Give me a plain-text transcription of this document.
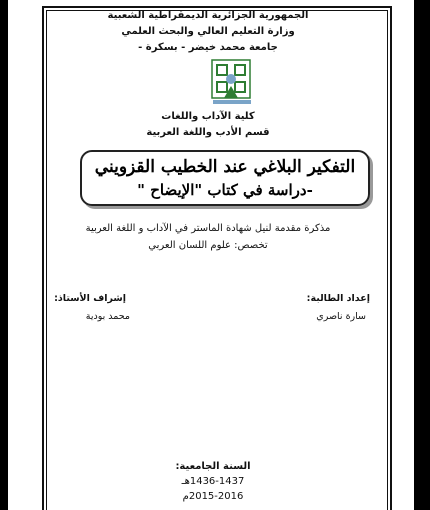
الجمهورية الجزائرية الديمقراطية الشعبية
وزارة التعليم العالي والبحث العلمي
جامعة محمد خيضر - بسكرة -
كلية الآداب واللغات
قسم الأدب واللغة العربية
التفكير البلاغي عند الخطيب القزويني
-دراسة في كتاب "الإيضاح "
مذكرة مقدمة لنيل شهادة الماستر في الآداب و اللغة العربية
تخصص: علوم اللسان العربي
إعداد الطالبة:
سارة ناصري
إشراف الأستاذ:
محمد بودية
السنة الجامعية:
1436-1437هـ
2015-2016م
